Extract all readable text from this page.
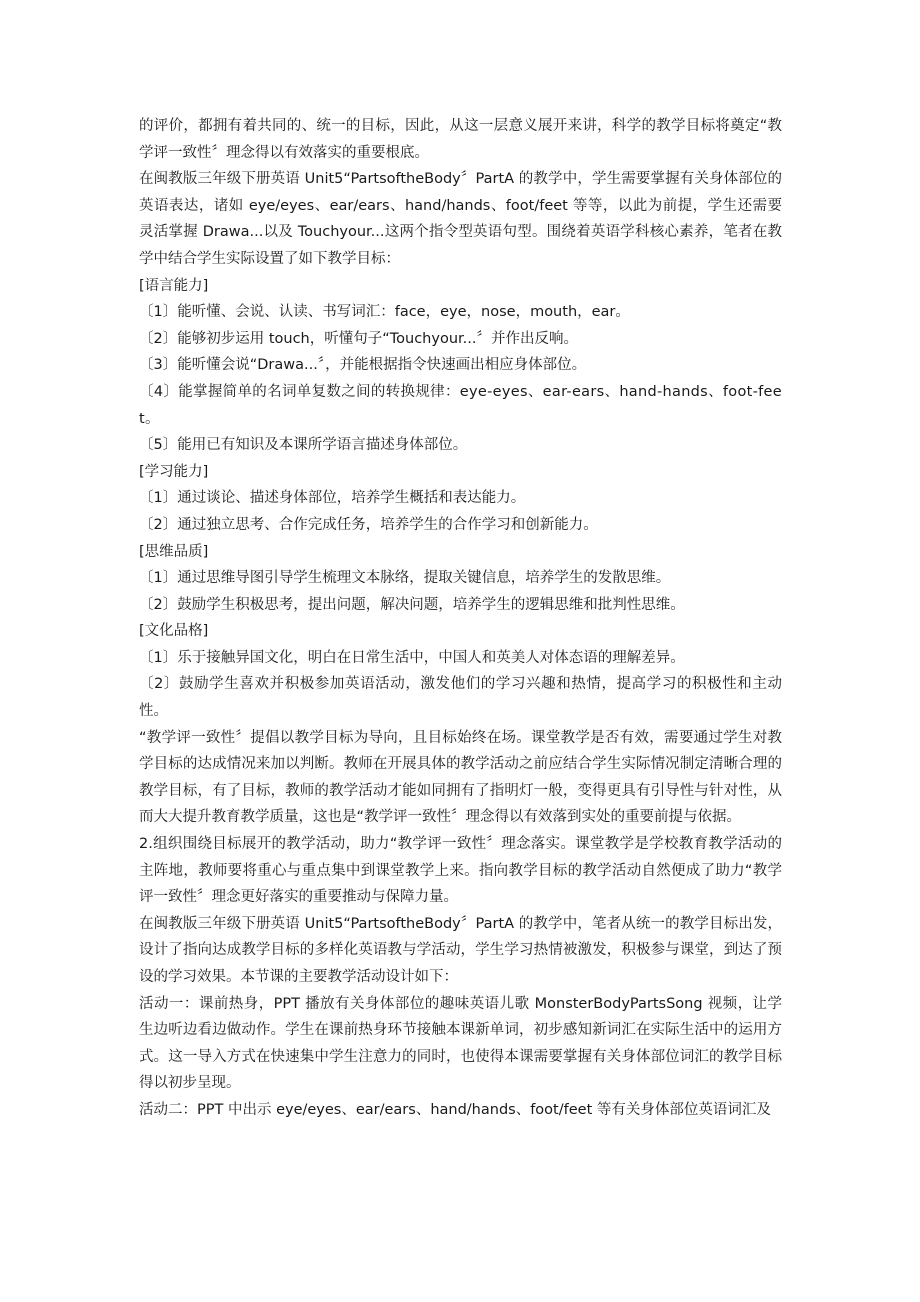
的评价，都拥有着共同的、统一的目标，因此，从这一层意义展开来讲，科学的教学目标将奠定“教学评一致性〞理念得以有效落实的重要根底。

在闽教版三年级下册英语 Unit5“PartsoftheBody〞PartA 的教学中，学生需要掌握有关身体部位的英语表达，诸如 eye/eyes、ear/ears、hand/hands、foot/feet 等等，以此为前提，学生还需要灵活掌握 Drawa...以及 Touchyour...这两个指令型英语句型。围绕着英语学科核心素养，笔者在教学中结合学生实际设置了如下教学目标：

[语言能力]

〔1〕能听懂、会说、认读、书写词汇：face，eye，nose，mouth，ear。

〔2〕能够初步运用 touch，听懂句子“Touchyour...〞并作出反响。

〔3〕能听懂会说“Drawa...〞，并能根据指令快速画出相应身体部位。

〔4〕能掌握简单的名词单复数之间的转换规律：eye-eyes、ear-ears、hand-hands、foot-feet。

〔5〕能用已有知识及本课所学语言描述身体部位。

[学习能力]

〔1〕通过谈论、描述身体部位，培养学生概括和表达能力。

〔2〕通过独立思考、合作完成任务，培养学生的合作学习和创新能力。

[思维品质]

〔1〕通过思维导图引导学生梳理文本脉络，提取关键信息，培养学生的发散思维。

〔2〕鼓励学生积极思考，提出问题，解决问题，培养学生的逻辑思维和批判性思维。

[文化品格]

〔1〕乐于接触异国文化，明白在日常生活中，中国人和英美人对体态语的理解差异。

〔2〕鼓励学生喜欢并积极参加英语活动，激发他们的学习兴趣和热情，提高学习的积极性和主动性。

“教学评一致性〞提倡以教学目标为导向，且目标始终在场。课堂教学是否有效，需要通过学生对教学目标的达成情况来加以判断。教师在开展具体的教学活动之前应结合学生实际情况制定清晰合理的教学目标，有了目标，教师的教学活动才能如同拥有了指明灯一般，变得更具有引导性与针对性，从而大大提升教育教学质量，这也是“教学评一致性〞理念得以有效落到实处的重要前提与依据。

2.组织围绕目标展开的教学活动，助力“教学评一致性〞理念落实。课堂教学是学校教育教学活动的主阵地，教师要将重心与重点集中到课堂教学上来。指向教学目标的教学活动自然便成了助力“教学评一致性〞理念更好落实的重要推动与保障力量。

在闽教版三年级下册英语 Unit5“PartsoftheBody〞PartA 的教学中，笔者从统一的教学目标出发，设计了指向达成教学目标的多样化英语教与学活动，学生学习热情被激发，积极参与课堂，到达了预设的学习效果。本节课的主要教学活动设计如下：

活动一：课前热身，PPT 播放有关身体部位的趣味英语儿歌 MonsterBodyPartsSong 视频，让学生边听边看边做动作。学生在课前热身环节接触本课新单词，初步感知新词汇在实际生活中的运用方式。这一导入方式在快速集中学生注意力的同时，也使得本课需要掌握有关身体部位词汇的教学目标得以初步呈现。

活动二：PPT 中出示 eye/eyes、ear/ears、hand/hands、foot/feet 等有关身体部位英语词汇及
